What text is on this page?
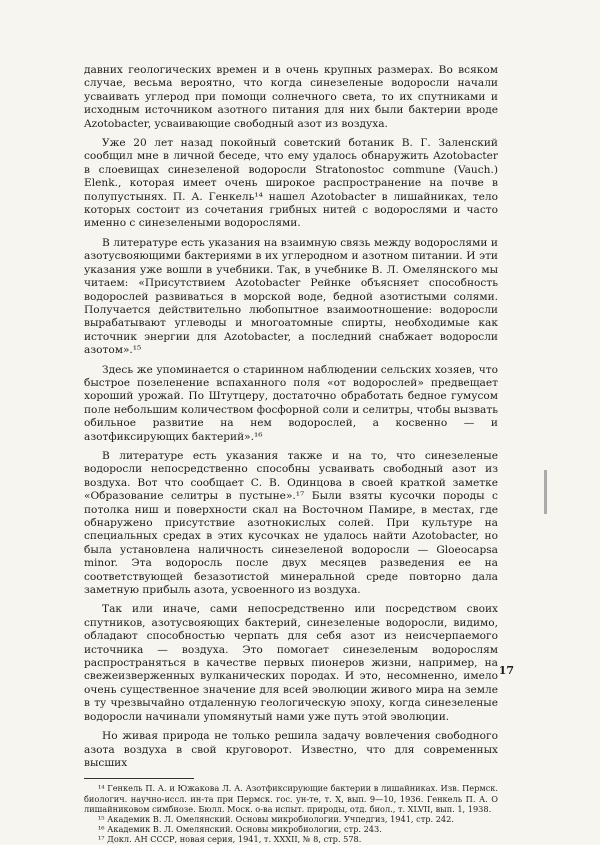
давних геологических времен и в очень крупных размерах. Во всяком случае, весьма вероятно, что когда синезеленые водоросли начали усваивать углерод при помощи солнечного света, то их спутниками и исходным источником азотного питания для них были бактерии вроде Azotobacter, усваивающие свободный азот из воздуха.

Уже 20 лет назад покойный советский ботаник В. Г. Заленский сообщил мне в личной беседе, что ему удалось обнаружить Azotobacter в слоевищах синезеленой водоросли Stratonostoc commune (Vauch.) Elenk., которая имеет очень широкое распространение на почве в полупустынях. П. А. Генкель¹⁴ нашел Azotobacter в лишайниках, тело которых состоит из сочетания грибных нитей с водорослями и часто именно с синезелеными водорослями.

В литературе есть указания на взаимную связь между водорослями и азотусвояющими бактериями в их углеродном и азотном питании. И эти указания уже вошли в учебники. Так, в учебнике В. Л. Омелянского мы читаем: «Присутствием Azotobacter Рейнке объясняет способность водорослей развиваться в морской воде, бедной азотистыми солями. Получается действительно любопытное взаимоотношение: водоросли вырабатывают углеводы и многоатомные спирты, необходимые как источник энергии для Azotobacter, а последний снабжает водоросли азотом».¹⁵

Здесь же упоминается о старинном наблюдении сельских хозяев, что быстрое позеленение вспаханного поля «от водорослей» предвещает хороший урожай. По Штутцеру, достаточно обработать бедное гумусом поле небольшим количеством фосфорной соли и селитры, чтобы вызвать обильное развитие на нем водорослей, а косвенно — и азотфиксирующих бактерий».¹⁶

В литературе есть указания также и на то, что синезеленые водоросли непосредственно способны усваивать свободный азот из воздуха. Вот что сообщает С. В. Одинцова в своей краткой заметке «Образование селитры в пустыне».¹⁷ Были взяты кусочки породы с потолка ниш и поверхности скал на Восточном Памире, в местах, где обнаружено присутствие азотнокислых солей. При культуре на специальных средах в этих кусочках не удалось найти Azotobacter, но была установлена наличность синезеленой водоросли — Gloeocapsa minor. Эта водоросль после двух месяцев разведения ее на соответствующей безазотистой минеральной среде повторно дала заметную прибыль азота, усвоенного из воздуха.

Так или иначе, сами непосредственно или посредством своих спутников, азотусвояющих бактерий, синезеленые водоросли, видимо, обладают способностью черпать для себя азот из неисчерпаемого источника — воздуха. Это помогает синезеленым водорослям распространяться в качестве первых пионеров жизни, например, на свежеизверженных вулканических породах. И это, несомненно, имело очень существенное значение для всей эволюции живого мира на земле в ту чрезвычайно отдаленную геологическую эпоху, когда синезеленые водоросли начинали упомянутый нами уже путь этой эволюции.

Но живая природа не только решила задачу вовлечения свободного азота воздуха в свой круговорот. Известно, что для современных высших

¹⁴ Генкель П. А. и Южакова Л. А. Азотфиксирующие бактерии в лишайниках. Изв. Пермск. биологич. научно-иссл. ин-та при Пермск. гос. ун-те, т. X, вып. 9—10, 1936. Генкель П. А. О лишайниковом симбиозе. Бюлл. Моск. о-ва испыт. природы, отд. биол., т. XLVII, вып. 1, 1938.

¹⁵ Академик В. Л. Омелянский. Основы микробиологии. Учпедгиз, 1941, стр. 242.

¹⁶ Академик В. Л. Омелянский. Основы микробиологии, стр. 243.

¹⁷ Докл. АН СССР, новая серия, 1941, т. XXXII, № 8, стр. 578.

17
